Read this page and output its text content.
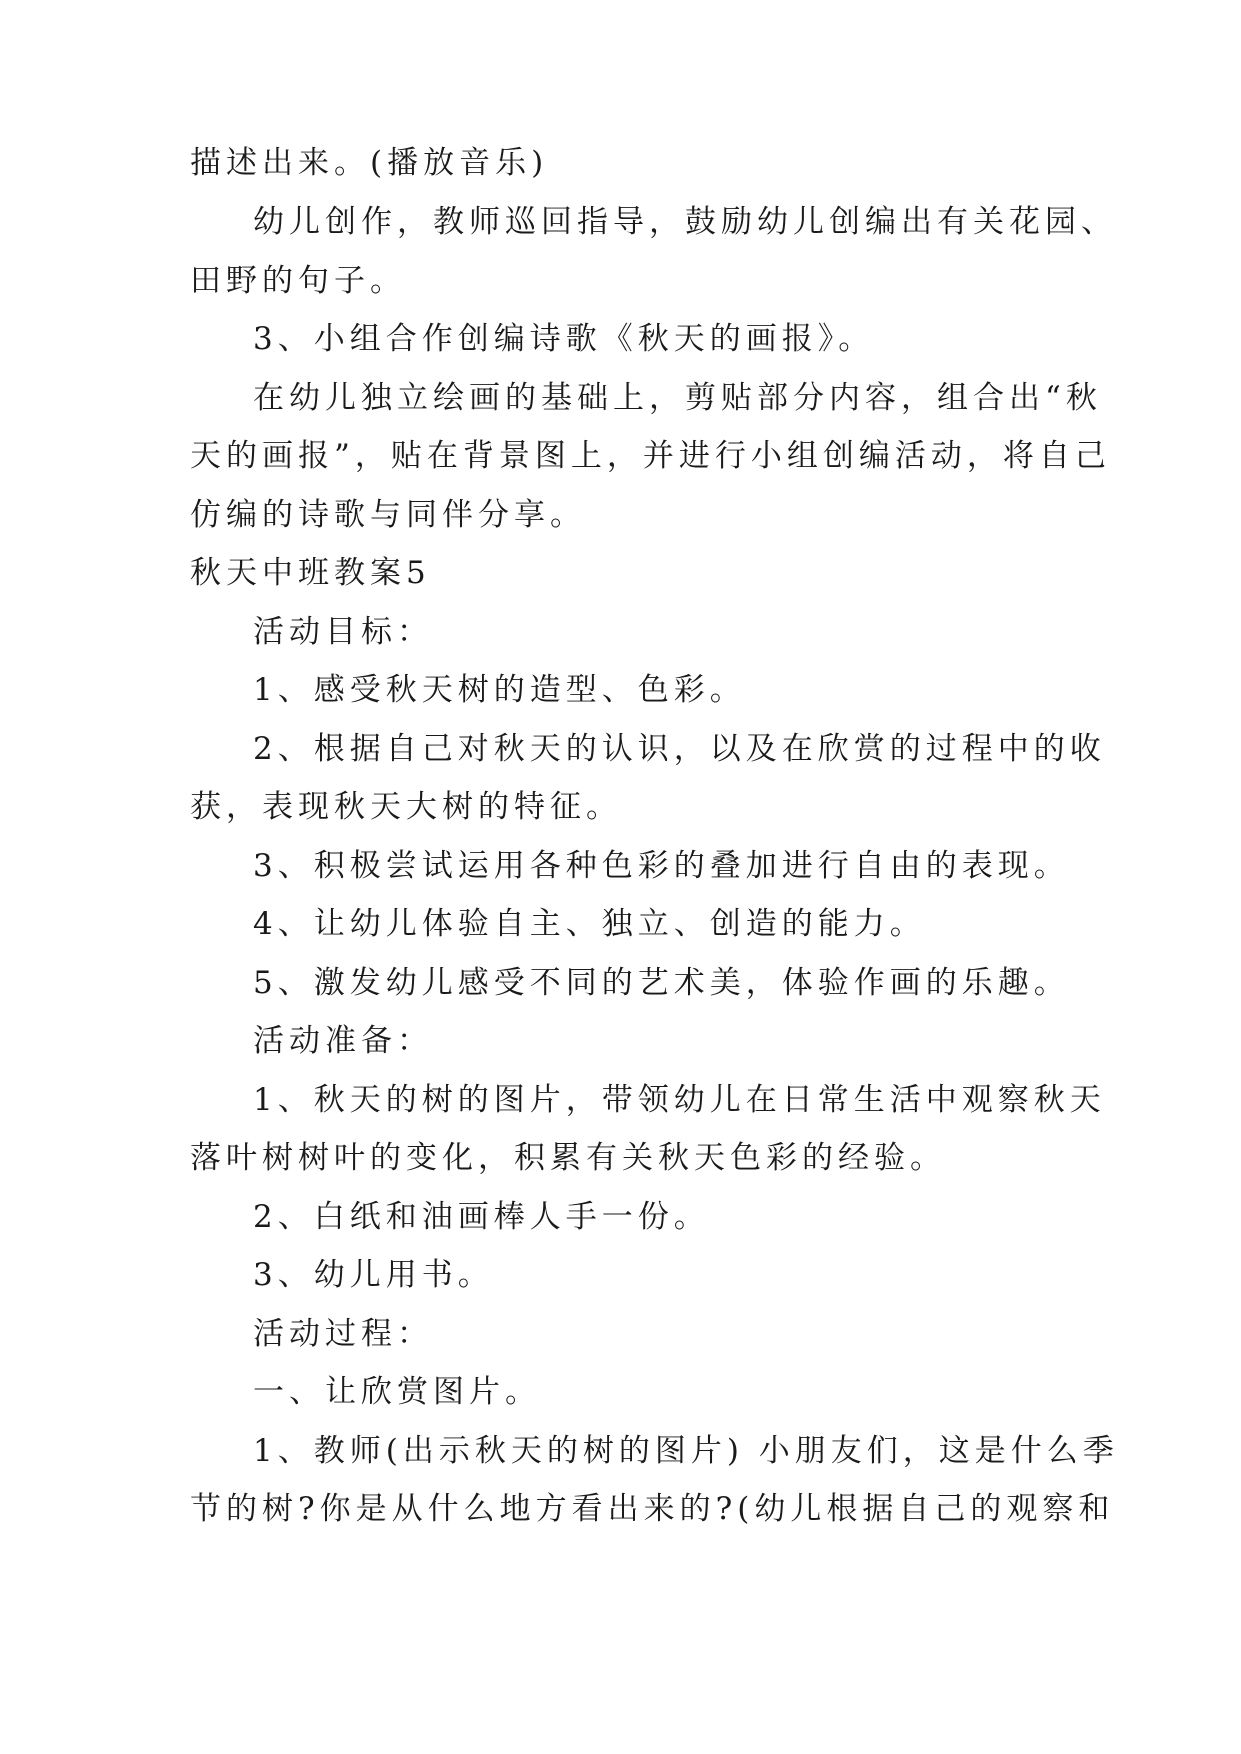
描述出来。(播放音乐)
幼儿创作，教师巡回指导，鼓励幼儿创编出有关花园、
田野的句子。
3、小组合作创编诗歌《秋天的画报》。
在幼儿独立绘画的基础上，剪贴部分内容，组合出“秋
天的画报”，贴在背景图上，并进行小组创编活动，将自己
仿编的诗歌与同伴分享。
秋天中班教案5
活动目标：
1、感受秋天树的造型、色彩。
2、根据自己对秋天的认识，以及在欣赏的过程中的收
获，表现秋天大树的特征。
3、积极尝试运用各种色彩的叠加进行自由的表现。
4、让幼儿体验自主、独立、创造的能力。
5、激发幼儿感受不同的艺术美，体验作画的乐趣。
活动准备：
1、秋天的树的图片，带领幼儿在日常生活中观察秋天
落叶树树叶的变化，积累有关秋天色彩的经验。
2、白纸和油画棒人手一份。
3、幼儿用书。
活动过程：
一、让欣赏图片。
1、教师(出示秋天的树的图片) 小朋友们，这是什么季
节的树?你是从什么地方看出来的?(幼儿根据自己的观察和
